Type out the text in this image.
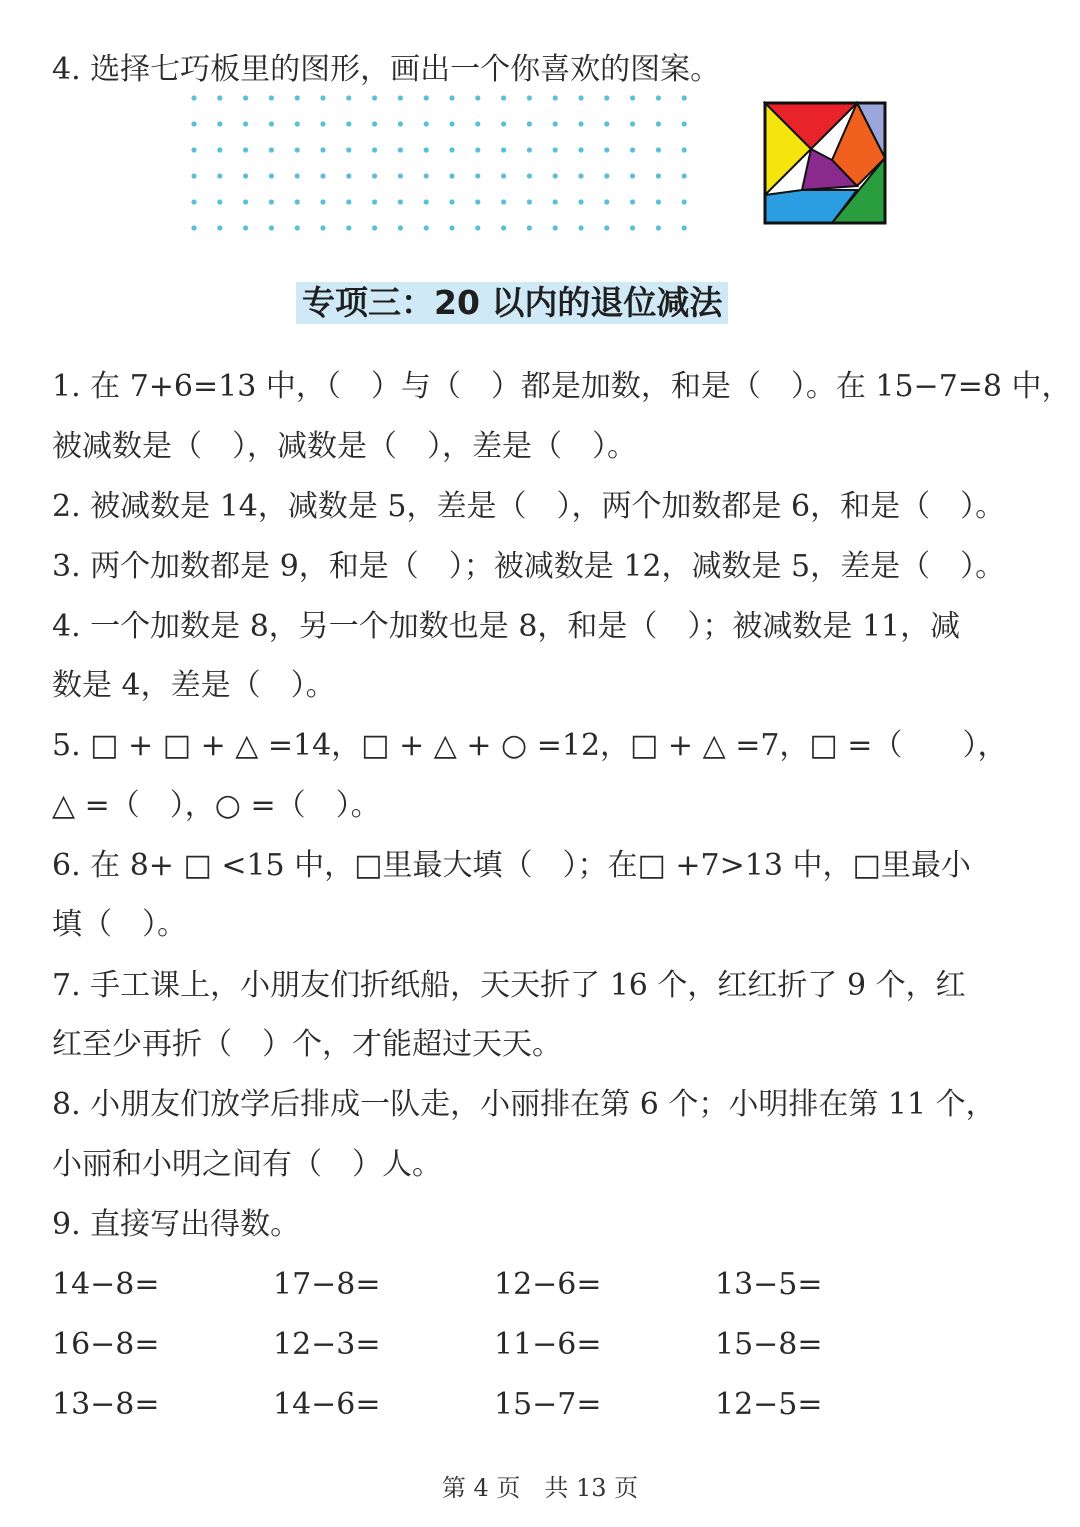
4. 选择七巧板里的图形，画出一个你喜欢的图案。
专项三：20 以内的退位减法
1. 在 7+6=13 中，（　）与（　）都是加数，和是（　）。在 15−7=8 中，
被减数是（　），减数是（　），差是（　）。
2. 被减数是 14，减数是 5，差是（　），两个加数都是 6，和是（　）。
3. 两个加数都是 9，和是（　）；被减数是 12，减数是 5，差是（　）。
4. 一个加数是 8，另一个加数也是 8，和是（　）；被减数是 11，减
数是 4，差是（　）。
5. □ + □ + △ =14，□ + △ + ○ =12，□ + △ =7，□ =（　　），
△ =（　），○ =（　）。
6. 在 8+ □ <15 中，□里最大填（　）；在□ +7>13 中，□里最小
填（　）。
7. 手工课上，小朋友们折纸船，天天折了 16 个，红红折了 9 个，红
红至少再折（　）个，才能超过天天。
8. 小朋友们放学后排成一队走，小丽排在第 6 个；小明排在第 11 个，
小丽和小明之间有（　）人。
9. 直接写出得数。
14−8=	17−8=	12−6=	13−5=
16−8=	12−3=	11−6=	15−8=
13−8=	14−6=	15−7=	12−5=
第 4 页　共 13 页
